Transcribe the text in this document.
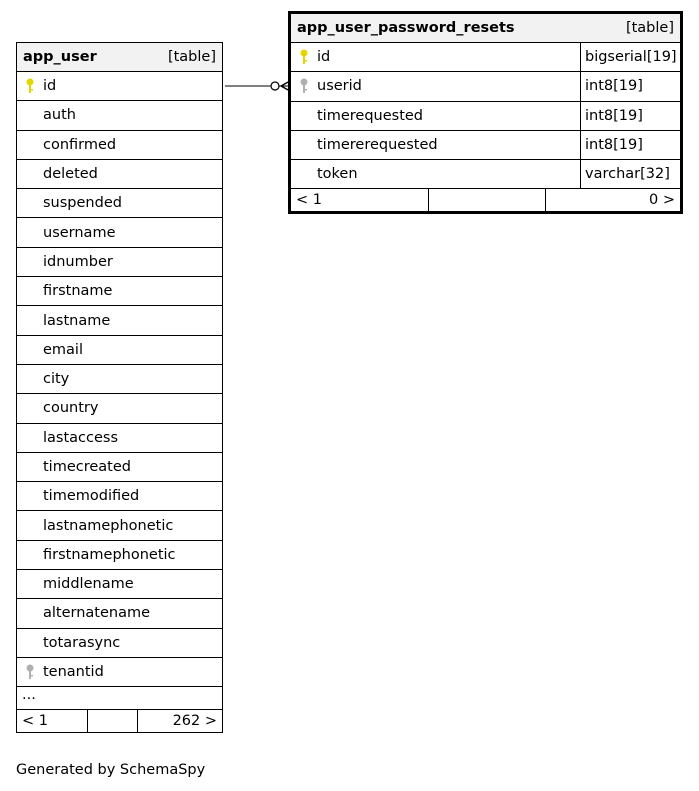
app_user	[table]
id
auth
confirmed
deleted
suspended
username
idnumber
firstname
lastname
email
city
country
lastaccess
timecreated
timemodified
lastnamephonetic
firstnamephonetic
middlename
alternatename
totarasync
tenantid
...
< 1	262 >
app_user_password_resets	[table]
id	bigserial[19]
userid	int8[19]
timerequested	int8[19]
timererequested	int8[19]
token	varchar[32]
< 1	0 >
Generated by SchemaSpy
